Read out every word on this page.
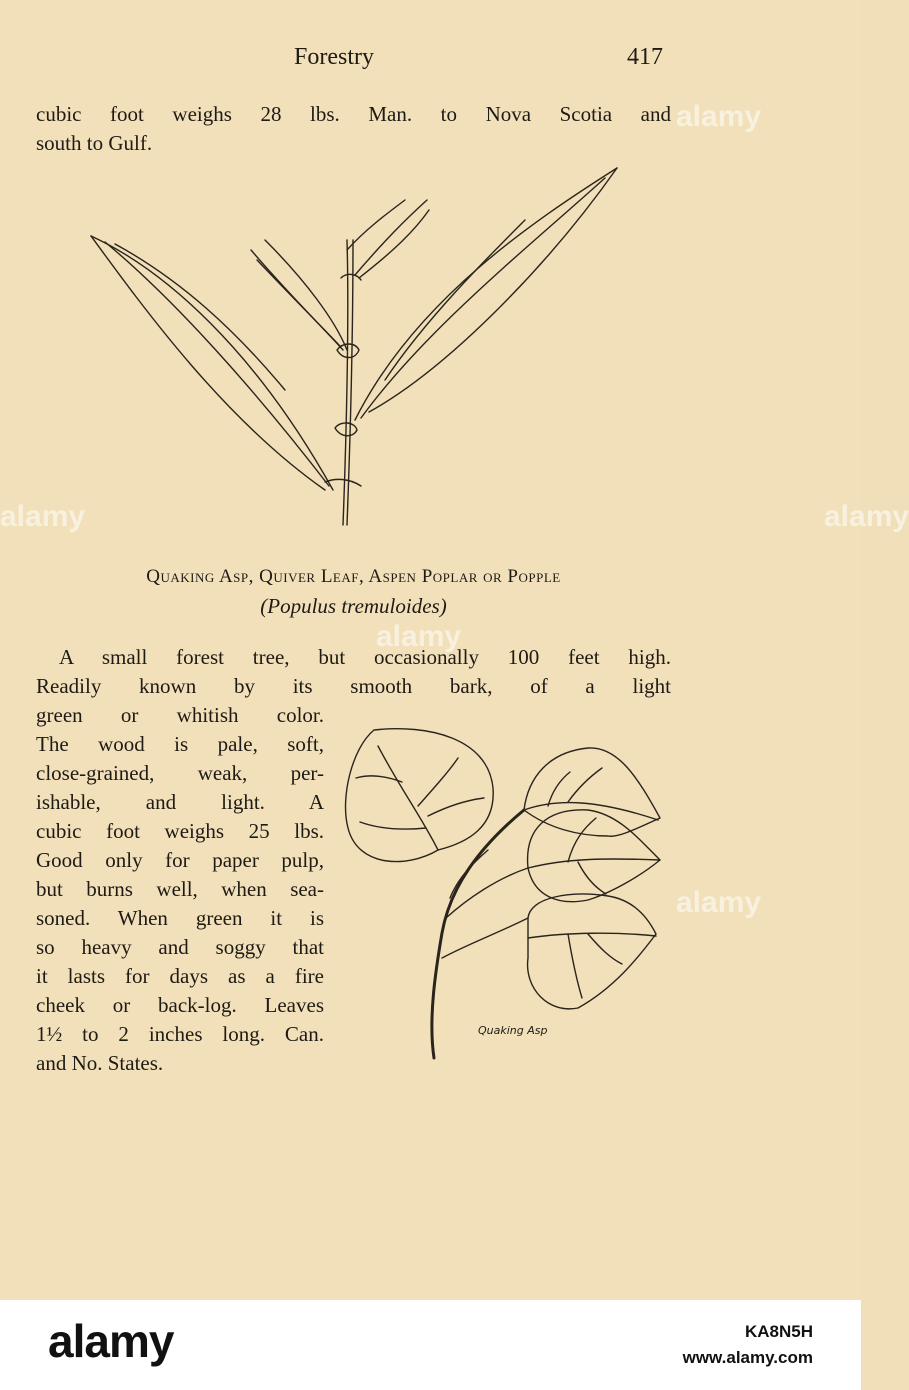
Forestry	417
cubic foot weighs 28 lbs. Man. to Nova Scotia and
south to Gulf.
Quaking Asp, Quiver Leaf, Aspen Poplar or Popple
(Populus tremuloides)
A small forest tree, but occasionally 100 feet high.
Readily known by its smooth bark, of a light
green or whitish color.
The wood is pale, soft,
close-grained, weak, per-
ishable, and light. A
cubic foot weighs 25 lbs.
Good only for paper pulp,
but burns well, when sea-
soned. When green it is
so heavy and soggy that
it lasts for days as a fire
cheek or back-log. Leaves
1½ to 2 inches long. Can.
and No. States.
Quaking Asp
alamy
alamy
alamy
alamy	alamy
alamy	KA8N5H
www.alamy.com
